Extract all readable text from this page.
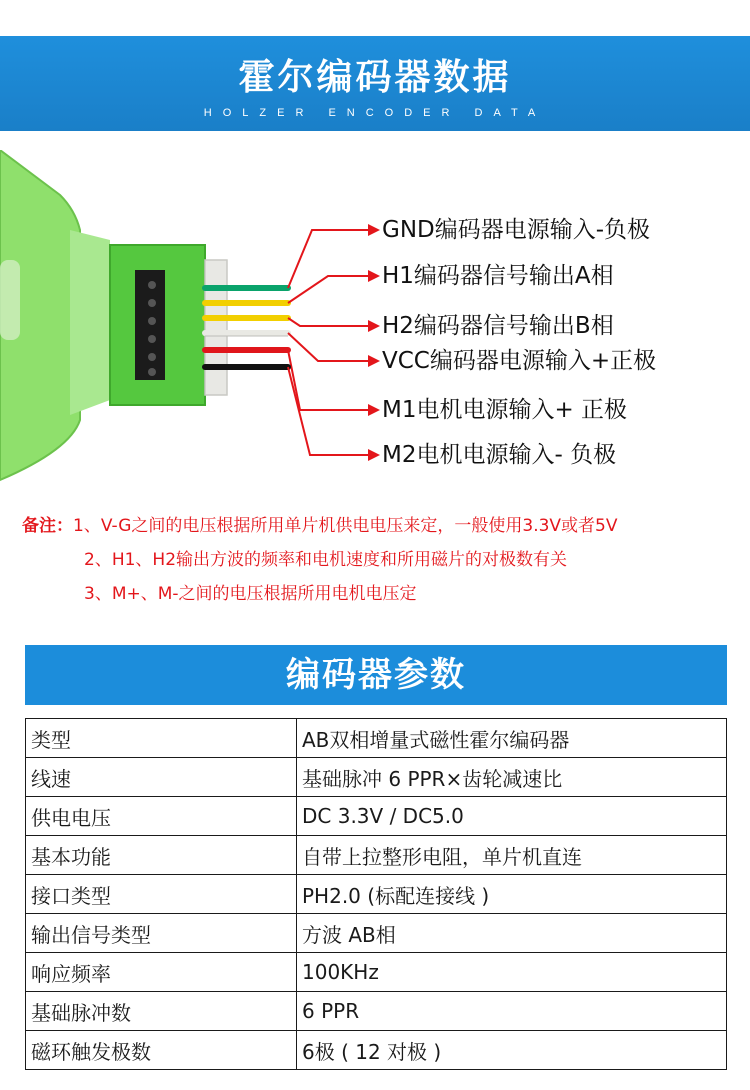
霍尔编码器数据
HOLZER ENCODER DATA
GND编码器电源输入-负极
H1编码器信号输出A相
H2编码器信号输出B相
VCC编码器电源输入+正极
M1电机电源输入+ 正极
M2电机电源输入- 负极
备注：1、V-G之间的电压根据所用单片机供电电压来定，一般使用3.3V或者5V
2、H1、H2输出方波的频率和电机速度和所用磁片的对极数有关
3、M+、M-之间的电压根据所用电机电压定
编码器参数
类型	AB双相增量式磁性霍尔编码器
线速	基础脉冲 6 PPR×齿轮减速比
供电电压	DC 3.3V / DC5.0
基本功能	自带上拉整形电阻，单片机直连
接口类型	PH2.0 (标配连接线 )
输出信号类型	方波 AB相
响应频率	100KHz
基础脉冲数	6 PPR
磁环触发极数	6极 ( 12 对极 )
